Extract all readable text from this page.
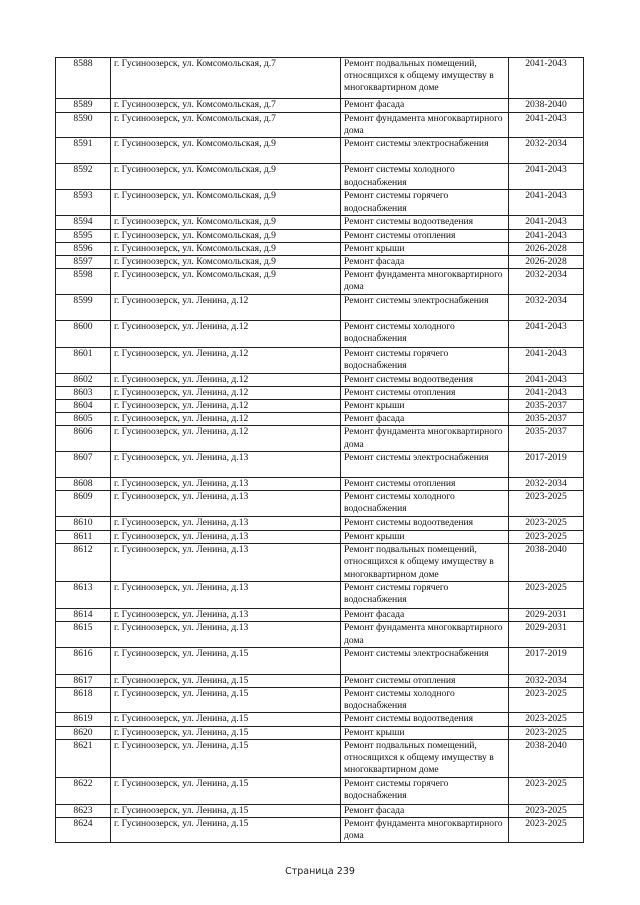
8588	г. Гусиноозерск, ул. Комсомольская, д.7	Ремонт подвальных помещений, относящихся к общему имуществу в многоквартирном доме	2041-2043
8589	г. Гусиноозерск, ул. Комсомольская, д.7	Ремонт фасада	2038-2040
8590	г. Гусиноозерск, ул. Комсомольская, д.7	Ремонт фундамента многоквартирного дома	2041-2043
8591	г. Гусиноозерск, ул. Комсомольская, д.9	Ремонт системы электроснабжения	2032-2034
8592	г. Гусиноозерск, ул. Комсомольская, д.9	Ремонт системы холодного водоснабжения	2041-2043
8593	г. Гусиноозерск, ул. Комсомольская, д.9	Ремонт системы горячего водоснабжения	2041-2043
8594	г. Гусиноозерск, ул. Комсомольская, д.9	Ремонт системы водоотведения	2041-2043
8595	г. Гусиноозерск, ул. Комсомольская, д.9	Ремонт системы отопления	2041-2043
8596	г. Гусиноозерск, ул. Комсомольская, д.9	Ремонт крыши	2026-2028
8597	г. Гусиноозерск, ул. Комсомольская, д.9	Ремонт фасада	2026-2028
8598	г. Гусиноозерск, ул. Комсомольская, д.9	Ремонт фундамента многоквартирного дома	2032-2034
8599	г. Гусиноозерск, ул. Ленина, д.12	Ремонт системы электроснабжения	2032-2034
8600	г. Гусиноозерск, ул. Ленина, д.12	Ремонт системы холодного водоснабжения	2041-2043
8601	г. Гусиноозерск, ул. Ленина, д.12	Ремонт системы горячего водоснабжения	2041-2043
8602	г. Гусиноозерск, ул. Ленина, д.12	Ремонт системы водоотведения	2041-2043
8603	г. Гусиноозерск, ул. Ленина, д.12	Ремонт системы отопления	2041-2043
8604	г. Гусиноозерск, ул. Ленина, д.12	Ремонт крыши	2035-2037
8605	г. Гусиноозерск, ул. Ленина, д.12	Ремонт фасада	2035-2037
8606	г. Гусиноозерск, ул. Ленина, д.12	Ремонт фундамента многоквартирного дома	2035-2037
8607	г. Гусиноозерск, ул. Ленина, д.13	Ремонт системы электроснабжения	2017-2019
8608	г. Гусиноозерск, ул. Ленина, д.13	Ремонт системы отопления	2032-2034
8609	г. Гусиноозерск, ул. Ленина, д.13	Ремонт системы холодного водоснабжения	2023-2025
8610	г. Гусиноозерск, ул. Ленина, д.13	Ремонт системы водоотведения	2023-2025
8611	г. Гусиноозерск, ул. Ленина, д.13	Ремонт крыши	2023-2025
8612	г. Гусиноозерск, ул. Ленина, д.13	Ремонт подвальных помещений, относящихся к общему имуществу в многоквартирном доме	2038-2040
8613	г. Гусиноозерск, ул. Ленина, д.13	Ремонт системы горячего водоснабжения	2023-2025
8614	г. Гусиноозерск, ул. Ленина, д.13	Ремонт фасада	2029-2031
8615	г. Гусиноозерск, ул. Ленина, д.13	Ремонт фундамента многоквартирного дома	2029-2031
8616	г. Гусиноозерск, ул. Ленина, д.15	Ремонт системы электроснабжения	2017-2019
8617	г. Гусиноозерск, ул. Ленина, д.15	Ремонт системы отопления	2032-2034
8618	г. Гусиноозерск, ул. Ленина, д.15	Ремонт системы холодного водоснабжения	2023-2025
8619	г. Гусиноозерск, ул. Ленина, д.15	Ремонт системы водоотведения	2023-2025
8620	г. Гусиноозерск, ул. Ленина, д.15	Ремонт крыши	2023-2025
8621	г. Гусиноозерск, ул. Ленина, д.15	Ремонт подвальных помещений, относящихся к общему имуществу в многоквартирном доме	2038-2040
8622	г. Гусиноозерск, ул. Ленина, д.15	Ремонт системы горячего водоснабжения	2023-2025
8623	г. Гусиноозерск, ул. Ленина, д.15	Ремонт фасада	2023-2025
8624	г. Гусиноозерск, ул. Ленина, д.15	Ремонт фундамента многоквартирного дома	2023-2025
Страница 239
